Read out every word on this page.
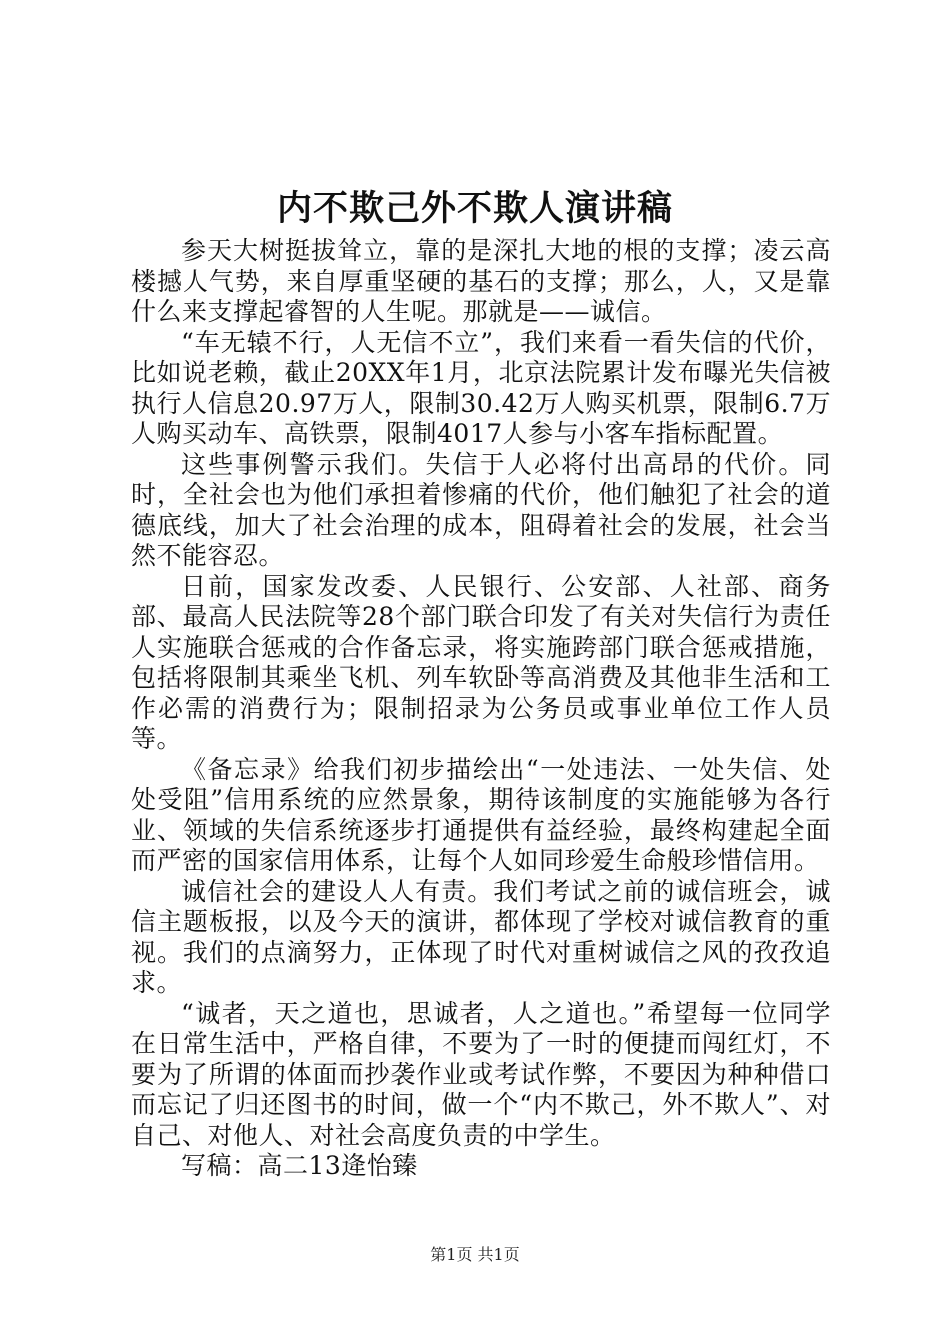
内不欺己外不欺人演讲稿

参天大树挺拔耸立，靠的是深扎大地的根的支撑；凌云高楼撼人气势，来自厚重坚硬的基石的支撑；那么，人，又是靠什么来支撑起睿智的人生呢。那就是——诚信。

“车无辕不行，人无信不立”，我们来看一看失信的代价，比如说老赖，截止20XX年1月，北京法院累计发布曝光失信被执行人信息20.97万人，限制30.42万人购买机票，限制6.7万人购买动车、高铁票，限制4017人参与小客车指标配置。

这些事例警示我们。失信于人必将付出高昂的代价。同时，全社会也为他们承担着惨痛的代价，他们触犯了社会的道德底线，加大了社会治理的成本，阻碍着社会的发展，社会当然不能容忍。

日前，国家发改委、人民银行、公安部、人社部、商务部、最高人民法院等28个部门联合印发了有关对失信行为责任人实施联合惩戒的合作备忘录，将实施跨部门联合惩戒措施，包括将限制其乘坐飞机、列车软卧等高消费及其他非生活和工作必需的消费行为；限制招录为公务员或事业单位工作人员等。

《备忘录》给我们初步描绘出“一处违法、一处失信、处处受阻”信用系统的应然景象，期待该制度的实施能够为各行业、领域的失信系统逐步打通提供有益经验，最终构建起全面而严密的国家信用体系，让每个人如同珍爱生命般珍惜信用。

诚信社会的建设人人有责。我们考试之前的诚信班会，诚信主题板报，以及今天的演讲，都体现了学校对诚信教育的重视。我们的点滴努力，正体现了时代对重树诚信之风的孜孜追求。

“诚者，天之道也，思诚者，人之道也。”希望每一位同学在日常生活中，严格自律，不要为了一时的便捷而闯红灯，不要为了所谓的体面而抄袭作业或考试作弊，不要因为种种借口而忘记了归还图书的时间，做一个“内不欺己，外不欺人”、对自己、对他人、对社会高度负责的中学生。

写稿：高二13逄怡臻

第1页 共1页
